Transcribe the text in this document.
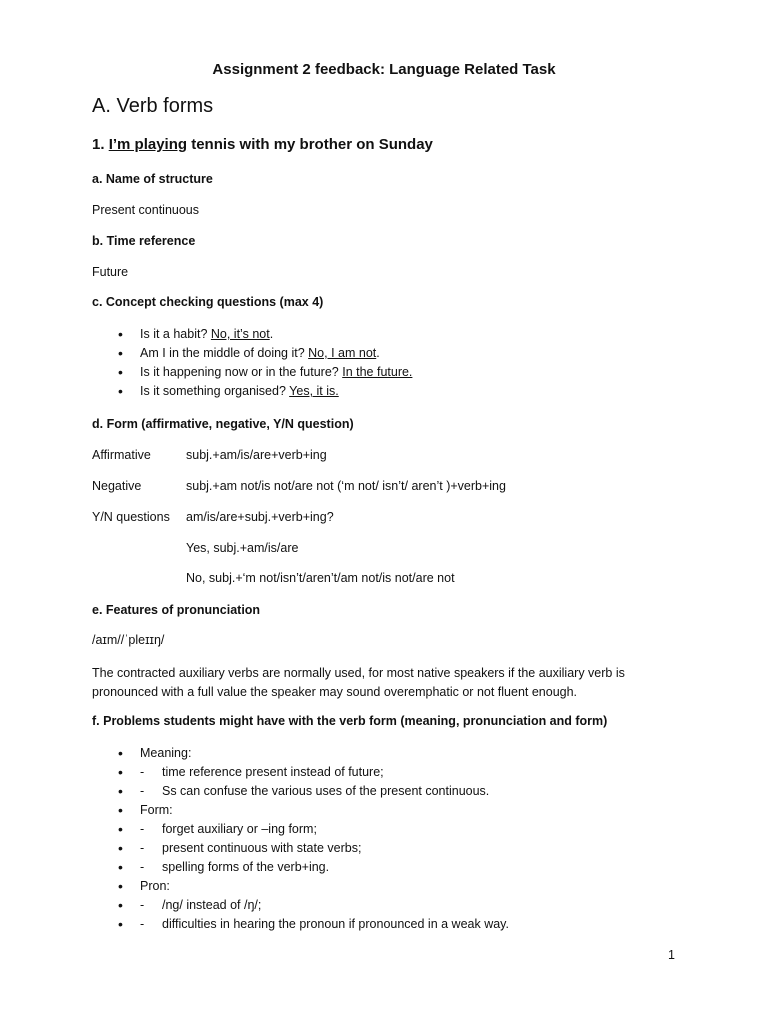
Assignment 2 feedback: Language Related Task
A. Verb forms
1. I’m playing tennis with my brother on Sunday
a. Name of structure
Present continuous
b. Time reference
Future
c. Concept checking questions (max 4)
• Is it a habit? No, it’s not.
• Am I in the middle of doing it? No, I am not.
• Is it happening now or in the future? In the future.
• Is it something organised? Yes, it is.
d. Form (affirmative, negative, Y/N question)
Affirmative	subj.+am/is/are+verb+ing
Negative	subj.+am not/is not/are not (‘m not/ isn’t/ aren’t )+verb+ing
Y/N questions am/is/are+subj.+verb+ing?
Yes, subj.+am/is/are
No, subj.+‘m not/isn’t/aren’t/am not/is not/are not
e. Features of pronunciation
/aɪm//ˈpleɪɪŋ/
The contracted auxiliary verbs are normally used, for most native speakers if the auxiliary verb is pronounced with a full value the speaker may sound overemphatic or not fluent enough.
f. Problems students might have with the verb form (meaning, pronunciation and form)
• Meaning:
• - time reference present instead of future;
• - Ss can confuse the various uses of the present continuous.
• Form:
• - forget auxiliary or –ing form;
• - present continuous with state verbs;
• - spelling forms of the verb+ing.
• Pron:
• - /ng/ instead of /ŋ/;
• - difficulties in hearing the pronoun if pronounced in a weak way.
1
